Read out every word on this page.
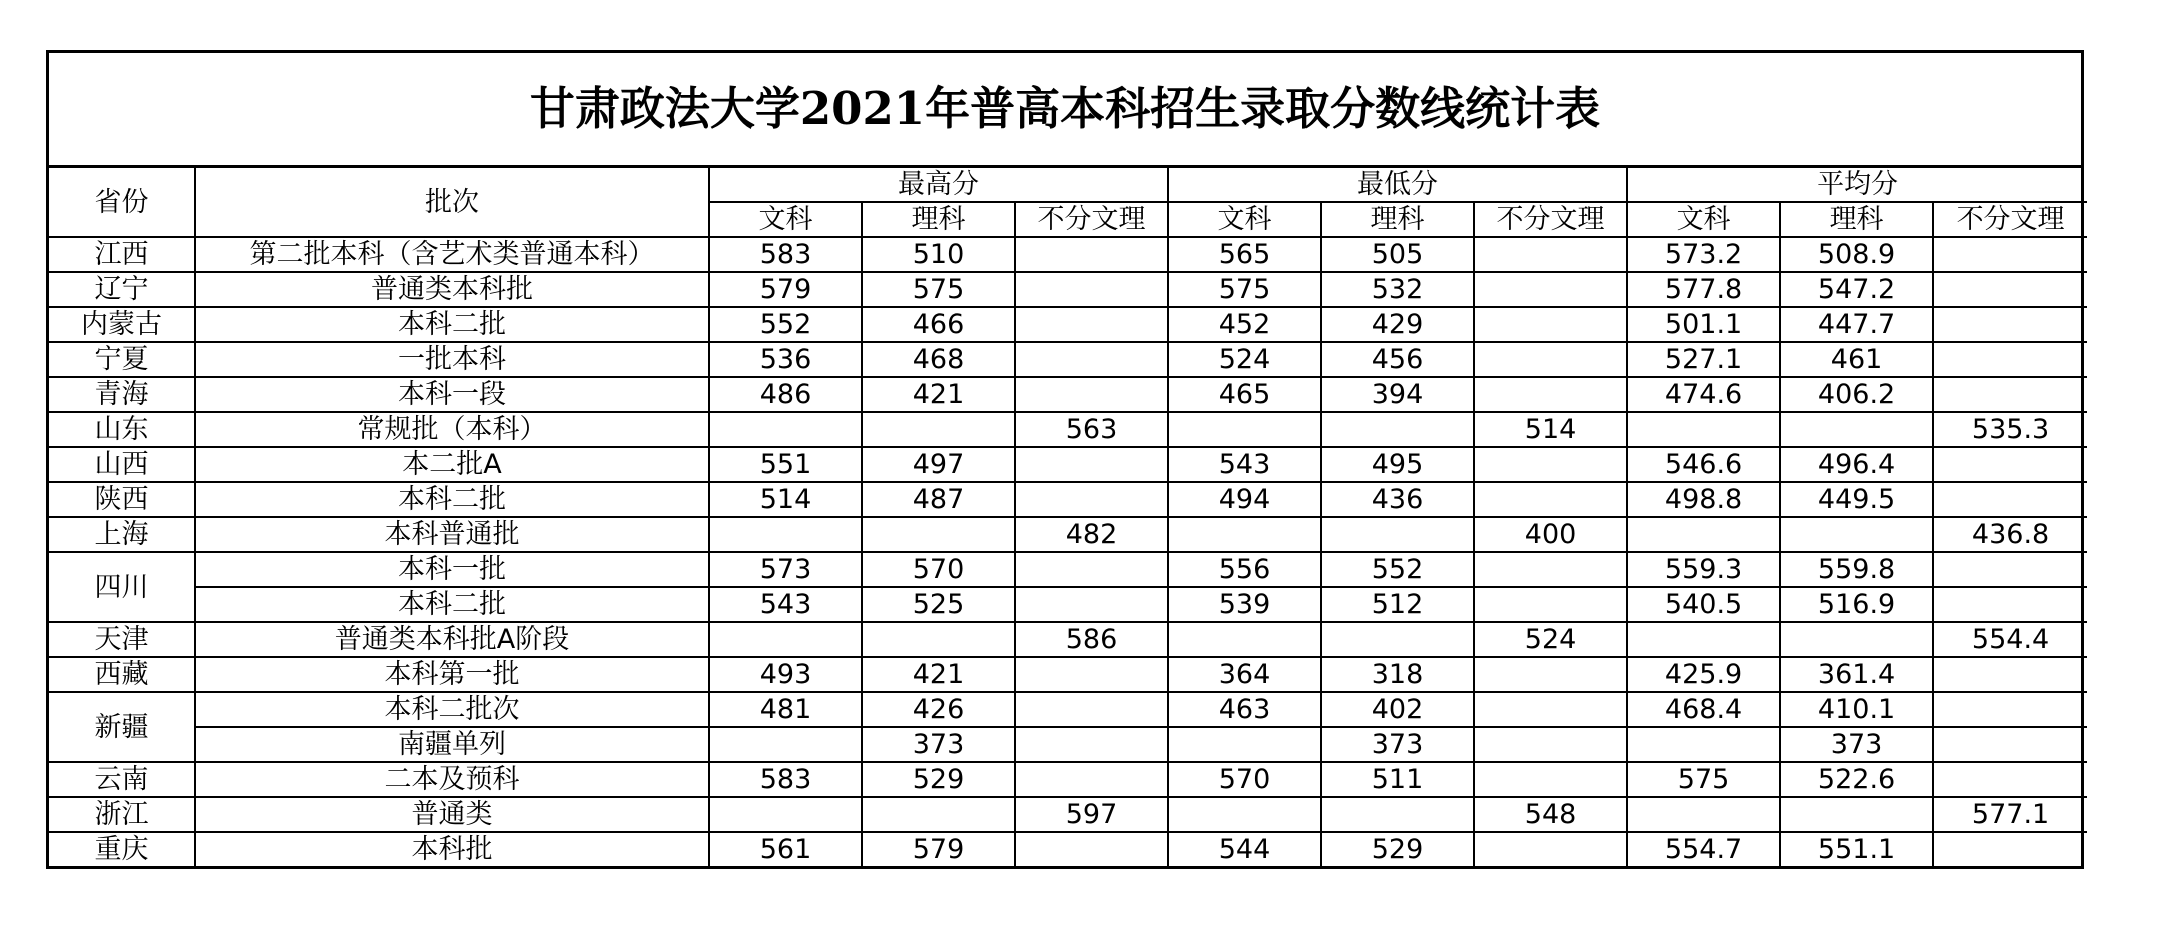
甘肃政法大学2021年普高本科招生录取分数线统计表
省份	批次	最高分			最低分			平均分		
		文科	理科	不分文理	文科	理科	不分文理	文科	理科	不分文理
江西	第二批本科（含艺术类普通本科）	583	510		565	505		573.2	508.9	
辽宁	普通类本科批	579	575		575	532		577.8	547.2	
内蒙古	本科二批	552	466		452	429		501.1	447.7	
宁夏	一批本科	536	468		524	456		527.1	461	
青海	本科一段	486	421		465	394		474.6	406.2	
山东	常规批（本科）			563			514			535.3
山西	本二批A	551	497		543	495		546.6	496.4	
陕西	本科二批	514	487		494	436		498.8	449.5	
上海	本科普通批			482			400			436.8
四川	本科一批	573	570		556	552		559.3	559.8	
	本科二批	543	525		539	512		540.5	516.9	
天津	普通类本科批A阶段			586			524			554.4
西藏	本科第一批	493	421		364	318		425.9	361.4	
新疆	本科二批次	481	426		463	402		468.4	410.1	
	南疆单列		373			373			373	
云南	二本及预科	583	529		570	511		575	522.6	
浙江	普通类			597			548			577.1
重庆	本科批	561	579		544	529		554.7	551.1	
